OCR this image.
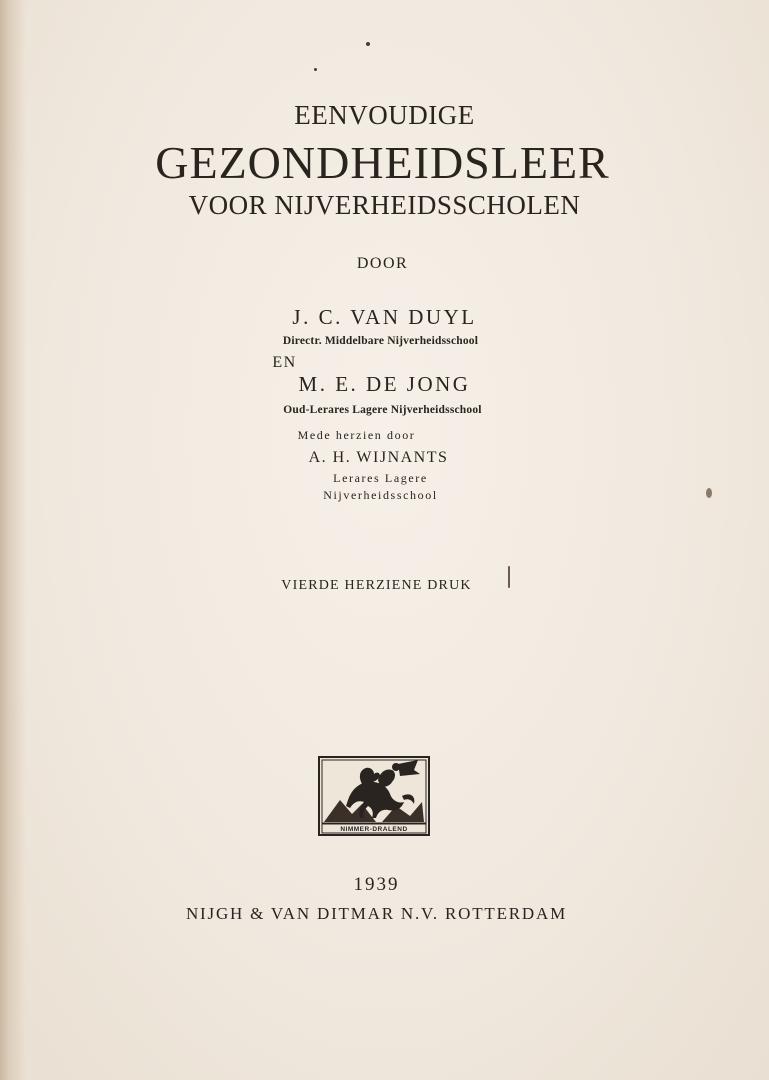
EENVOUDIGE
GEZONDHEIDSLEER
VOOR NIJVERHEIDSSCHOLEN
DOOR
J. C. VAN DUYL
Directr. Middelbare Nijverheidsschool
EN
M. E. DE JONG
Oud-Lerares Lagere Nijverheidsschool
Mede herzien door
A. H. WIJNANTS
Lerares Lagere
Nijverheidsschool
VIERDE HERZIENE DRUK
NIMMER-DRALEND
1939
NIJGH & VAN DITMAR N.V. ROTTERDAM
